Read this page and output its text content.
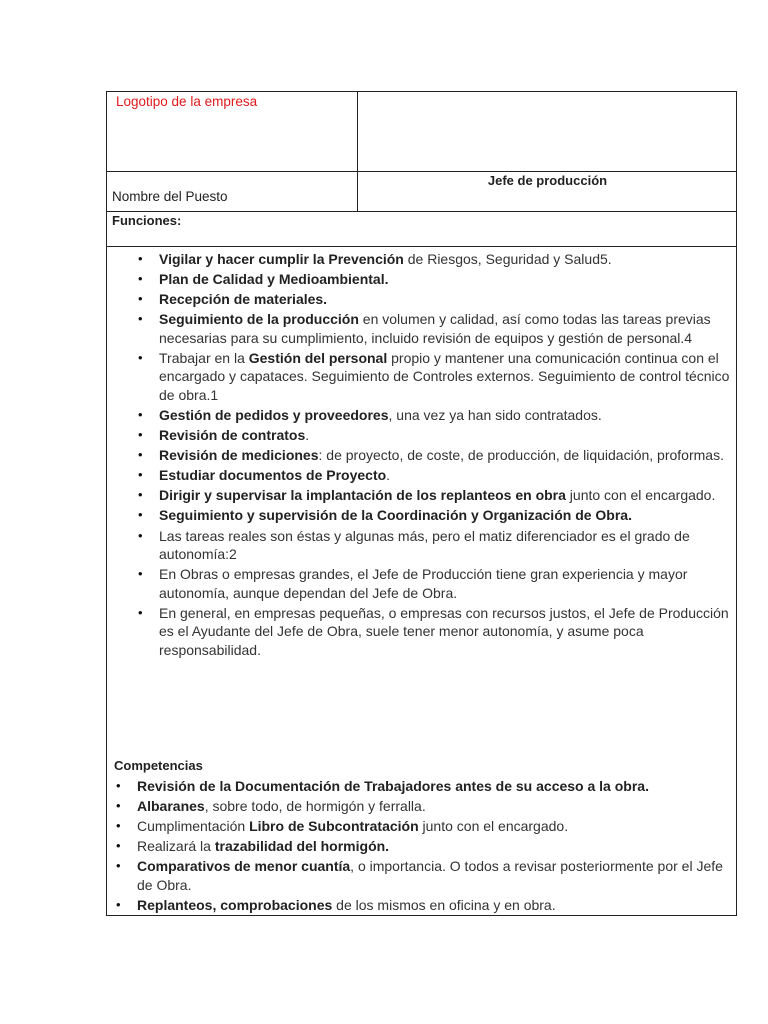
Logotipo de la empresa
Nombre del Puesto
Jefe de producción
Funciones:
• Vigilar y hacer cumplir la Prevención de Riesgos, Seguridad y Salud5.
• Plan de Calidad y Medioambiental.
• Recepción de materiales.
• Seguimiento de la producción en volumen y calidad, así como todas las tareas previas necesarias para su cumplimiento, incluido revisión de equipos y gestión de personal.4
• Trabajar en la Gestión del personal propio y mantener una comunicación continua con el encargado y capataces. Seguimiento de Controles externos. Seguimiento de control técnico de obra.1
• Gestión de pedidos y proveedores, una vez ya han sido contratados.
• Revisión de contratos.
• Revisión de mediciones: de proyecto, de coste, de producción, de liquidación, proformas.
• Estudiar documentos de Proyecto.
• Dirigir y supervisar la implantación de los replanteos en obra junto con el encargado.
• Seguimiento y supervisión de la Coordinación y Organización de Obra.
• Las tareas reales son éstas y algunas más, pero el matiz diferenciador es el grado de autonomía:2
• En Obras o empresas grandes, el Jefe de Producción tiene gran experiencia y mayor autonomía, aunque dependan del Jefe de Obra.
• En general, en empresas pequeñas, o empresas con recursos justos, el Jefe de Producción es el Ayudante del Jefe de Obra, suele tener menor autonomía, y asume poca responsabilidad.
Competencias
• Revisión de la Documentación de Trabajadores antes de su acceso a la obra.
• Albaranes, sobre todo, de hormigón y ferralla.
• Cumplimentación Libro de Subcontratación junto con el encargado.
• Realizará la trazabilidad del hormigón.
• Comparativos de menor cuantía, o importancia. O todos a revisar posteriormente por el Jefe de Obra.
• Replanteos, comprobaciones de los mismos en oficina y en obra.
